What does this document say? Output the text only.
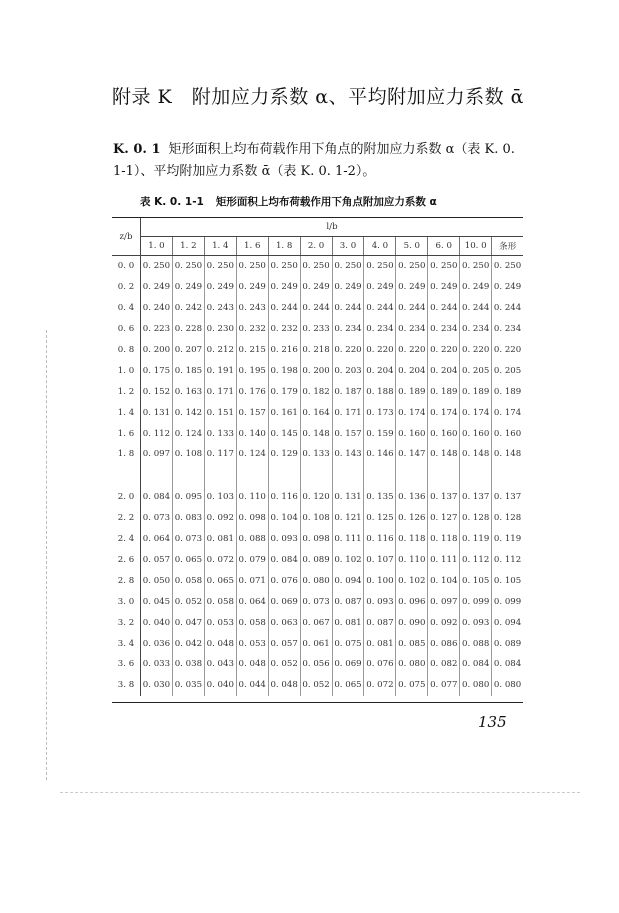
附录 K　附加应力系数 α、平均附加应力系数 ᾱ
K. 0. 1 矩形面积上均布荷载作用下角点的附加应力系数 α（表 K. 0. 1-1）、平均附加应力系数 ᾱ（表 K. 0. 1-2）。
表 K. 0. 1-1 矩形面积上均布荷载作用下角点附加应力系数 α
z/b	l/b											
	1. 0	1. 2	1. 4	1. 6	1. 8	2. 0	3. 0	4. 0	5. 0	6. 0	10. 0	条形
0. 0	0. 250	0. 250	0. 250	0. 250	0. 250	0. 250	0. 250	0. 250	0. 250	0. 250	0. 250	0. 250
0. 2	0. 249	0. 249	0. 249	0. 249	0. 249	0. 249	0. 249	0. 249	0. 249	0. 249	0. 249	0. 249
0. 4	0. 240	0. 242	0. 243	0. 243	0. 244	0. 244	0. 244	0. 244	0. 244	0. 244	0. 244	0. 244
0. 6	0. 223	0. 228	0. 230	0. 232	0. 232	0. 233	0. 234	0. 234	0. 234	0. 234	0. 234	0. 234
0. 8	0. 200	0. 207	0. 212	0. 215	0. 216	0. 218	0. 220	0. 220	0. 220	0. 220	0. 220	0. 220
1. 0	0. 175	0. 185	0. 191	0. 195	0. 198	0. 200	0. 203	0. 204	0. 204	0. 204	0. 205	0. 205
1. 2	0. 152	0. 163	0. 171	0. 176	0. 179	0. 182	0. 187	0. 188	0. 189	0. 189	0. 189	0. 189
1. 4	0. 131	0. 142	0. 151	0. 157	0. 161	0. 164	0. 171	0. 173	0. 174	0. 174	0. 174	0. 174
1. 6	0. 112	0. 124	0. 133	0. 140	0. 145	0. 148	0. 157	0. 159	0. 160	0. 160	0. 160	0. 160
1. 8	0. 097	0. 108	0. 117	0. 124	0. 129	0. 133	0. 143	0. 146	0. 147	0. 148	0. 148	0. 148

2. 0	0. 084	0. 095	0. 103	0. 110	0. 116	0. 120	0. 131	0. 135	0. 136	0. 137	0. 137	0. 137
2. 2	0. 073	0. 083	0. 092	0. 098	0. 104	0. 108	0. 121	0. 125	0. 126	0. 127	0. 128	0. 128
2. 4	0. 064	0. 073	0. 081	0. 088	0. 093	0. 098	0. 111	0. 116	0. 118	0. 118	0. 119	0. 119
2. 6	0. 057	0. 065	0. 072	0. 079	0. 084	0. 089	0. 102	0. 107	0. 110	0. 111	0. 112	0. 112
2. 8	0. 050	0. 058	0. 065	0. 071	0. 076	0. 080	0. 094	0. 100	0. 102	0. 104	0. 105	0. 105
3. 0	0. 045	0. 052	0. 058	0. 064	0. 069	0. 073	0. 087	0. 093	0. 096	0. 097	0. 099	0. 099
3. 2	0. 040	0. 047	0. 053	0. 058	0. 063	0. 067	0. 081	0. 087	0. 090	0. 092	0. 093	0. 094
3. 4	0. 036	0. 042	0. 048	0. 053	0. 057	0. 061	0. 075	0. 081	0. 085	0. 086	0. 088	0. 089
3. 6	0. 033	0. 038	0. 043	0. 048	0. 052	0. 056	0. 069	0. 076	0. 080	0. 082	0. 084	0. 084
3. 8	0. 030	0. 035	0. 040	0. 044	0. 048	0. 052	0. 065	0. 072	0. 075	0. 077	0. 080	0. 080
135
